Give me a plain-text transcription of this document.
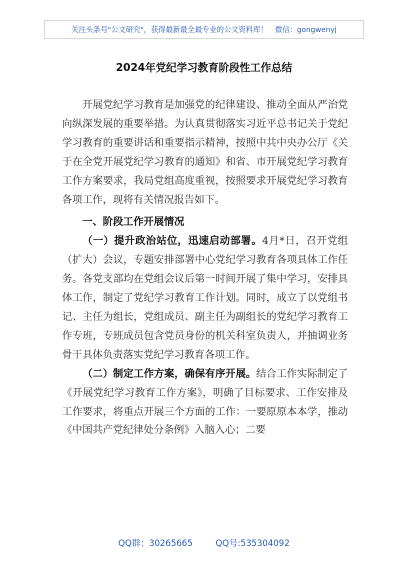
关注头条号"公文研究"，获得最新最全最专业的公文资料库！　微信：gongwenyj
2024年党纪学习教育阶段性工作总结

开展党纪学习教育是加强党的纪律建设、推动全面从严治党向纵深发展的重要举措。为认真贯彻落实习近平总书记关于党纪学习教育的重要讲话和重要指示精神，按照中共中央办公厅《关于在全党开展党纪学习教育的通知》和省、市开展党纪学习教育工作方案要求，我局党组高度重视，按照要求开展党纪学习教育各项工作，现将有关情况报告如下。

一、阶段工作开展情况

（一）提升政治站位，迅速启动部署。4月*日，召开党组（扩大）会议，专题安排部署中心党纪学习教育各项具体工作任务。各党支部均在党组会议后第一时间开展了集中学习，安排具体工作，制定了党纪学习教育工作计划。同时，成立了以党组书记、主任为组长，党组成员、副主任为副组长的党纪学习教育工作专班，专班成员包含党员身份的机关科室负责人，并抽调业务骨干具体负责落实党纪学习教育各项工作。

（二）制定工作方案，确保有序开展。结合工作实际制定了《开展党纪学习教育工作方案》，明确了目标要求、工作安排及工作要求，将重点开展三个方面的工作：一要原原本本学，推动《中国共产党纪律处分条例》入脑入心；二要

QQ群：30265665	QQ号:535304092
